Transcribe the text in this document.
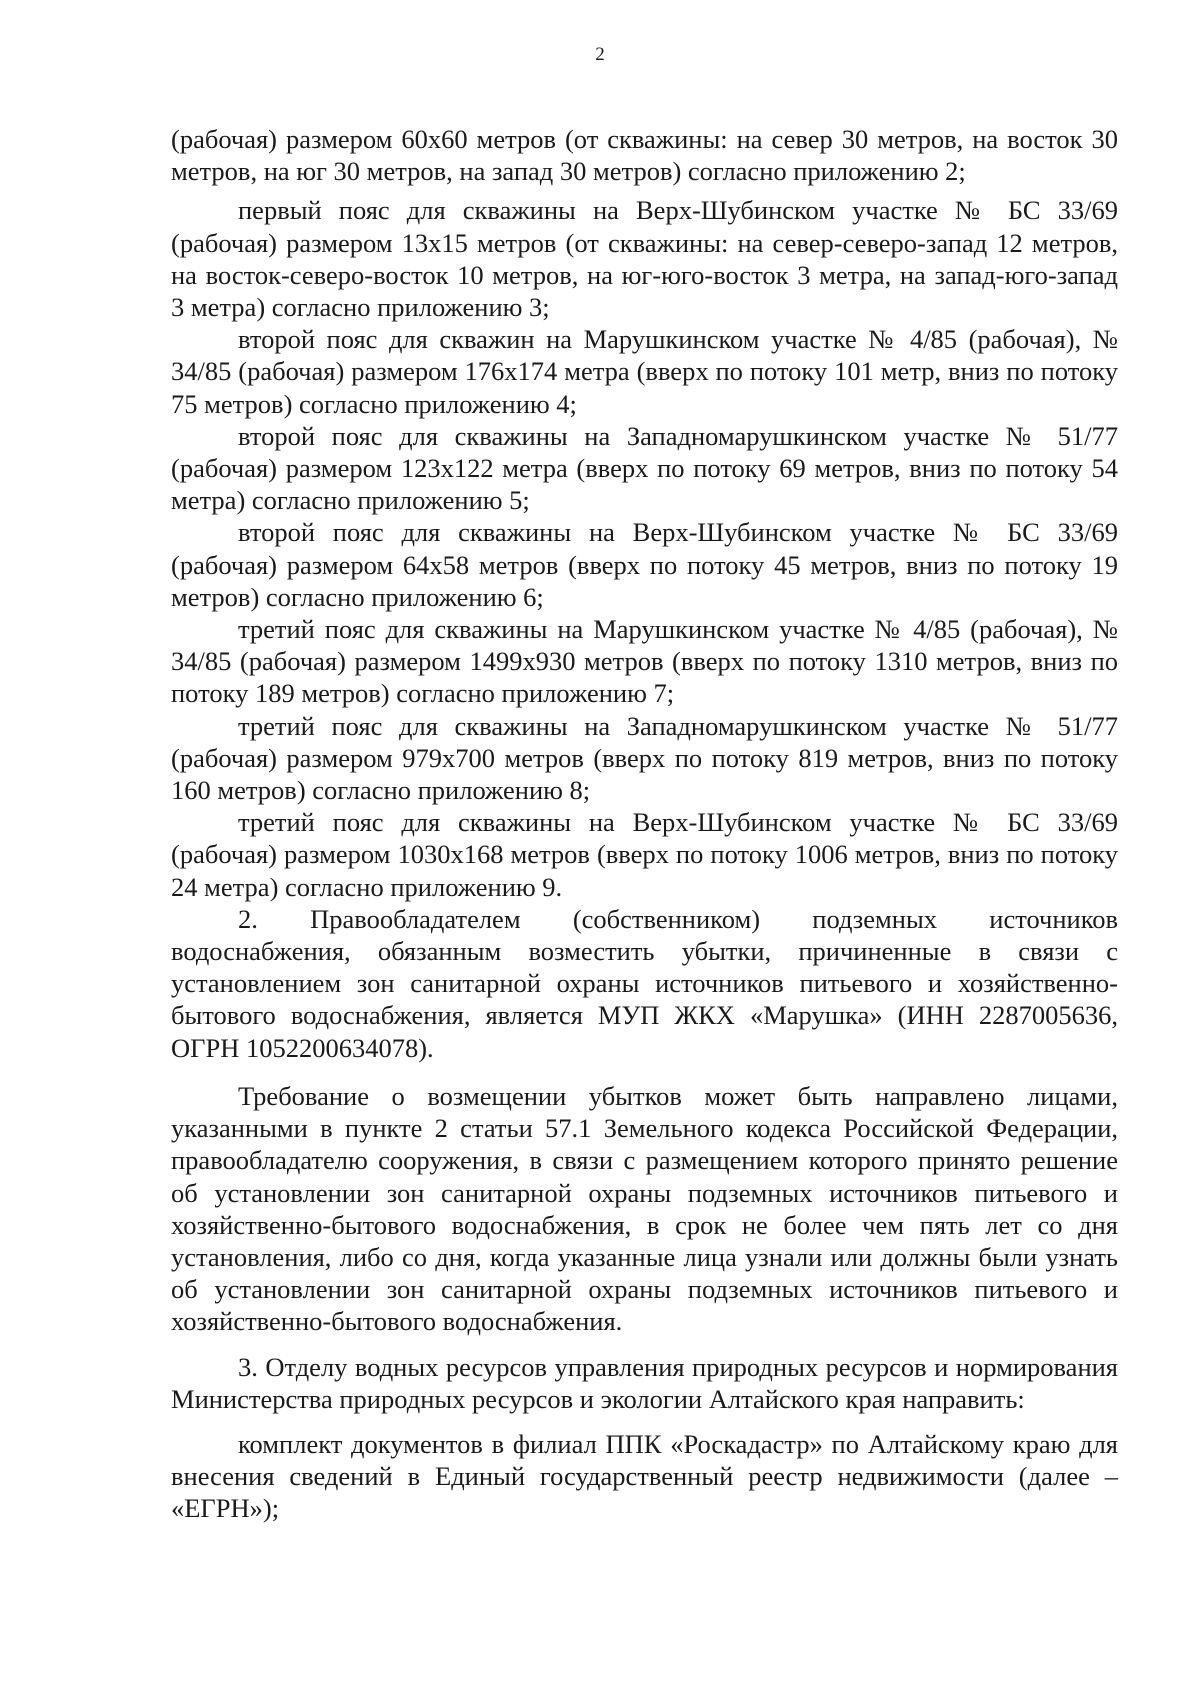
2

(рабочая) размером 60х60 метров (от скважины: на север 30 метров, на восток 30 метров, на юг 30 метров, на запад 30 метров) согласно приложению 2;

первый пояс для скважины на Верх-Шубинском участке № БС 33/69 (рабочая) размером 13х15 метров (от скважины: на север-северо-запад 12 метров, на восток-северо-восток 10 метров, на юг-юго-восток 3 метра, на запад-юго-запад 3 метра) согласно приложению 3;

второй пояс для скважин на Марушкинском участке № 4/85 (рабочая), № 34/85 (рабочая) размером 176х174 метра (вверх по потоку 101 метр, вниз по потоку 75 метров) согласно приложению 4;

второй пояс для скважины на Западномарушкинском участке № 51/77 (рабочая) размером 123х122 метра (вверх по потоку 69 метров, вниз по потоку 54 метра) согласно приложению 5;

второй пояс для скважины на Верх-Шубинском участке № БС 33/69 (рабочая) размером 64х58 метров (вверх по потоку 45 метров, вниз по потоку 19 метров) согласно приложению 6;

третий пояс для скважины на Марушкинском участке № 4/85 (рабочая), № 34/85 (рабочая) размером 1499х930 метров (вверх по потоку 1310 метров, вниз по потоку 189 метров) согласно приложению 7;

третий пояс для скважины на Западномарушкинском участке № 51/77 (рабочая) размером 979х700 метров (вверх по потоку 819 метров, вниз по потоку 160 метров) согласно приложению 8;

третий пояс для скважины на Верх-Шубинском участке № БС 33/69 (рабочая) размером 1030х168 метров (вверх по потоку 1006 метров, вниз по потоку 24 метра) согласно приложению 9.

2. Правообладателем (собственником) подземных источников водоснабжения, обязанным возместить убытки, причиненные в связи с установлением зон санитарной охраны источников питьевого и хозяйственно-бытового водоснабжения, является МУП ЖКХ «Марушка» (ИНН 2287005636, ОГРН 1052200634078).

Требование о возмещении убытков может быть направлено лицами, указанными в пункте 2 статьи 57.1 Земельного кодекса Российской Федерации, правообладателю сооружения, в связи с размещением которого принято решение об установлении зон санитарной охраны подземных источников питьевого и хозяйственно-бытового водоснабжения, в срок не более чем пять лет со дня установления, либо со дня, когда указанные лица узнали или должны были узнать об установлении зон санитарной охраны подземных источников питьевого и хозяйственно-бытового водоснабжения.

3. Отделу водных ресурсов управления природных ресурсов и нормирования Министерства природных ресурсов и экологии Алтайского края направить:

комплект документов в филиал ППК «Роскадастр» по Алтайскому краю для внесения сведений в Единый государственный реестр недвижимости (далее – «ЕГРН»);
